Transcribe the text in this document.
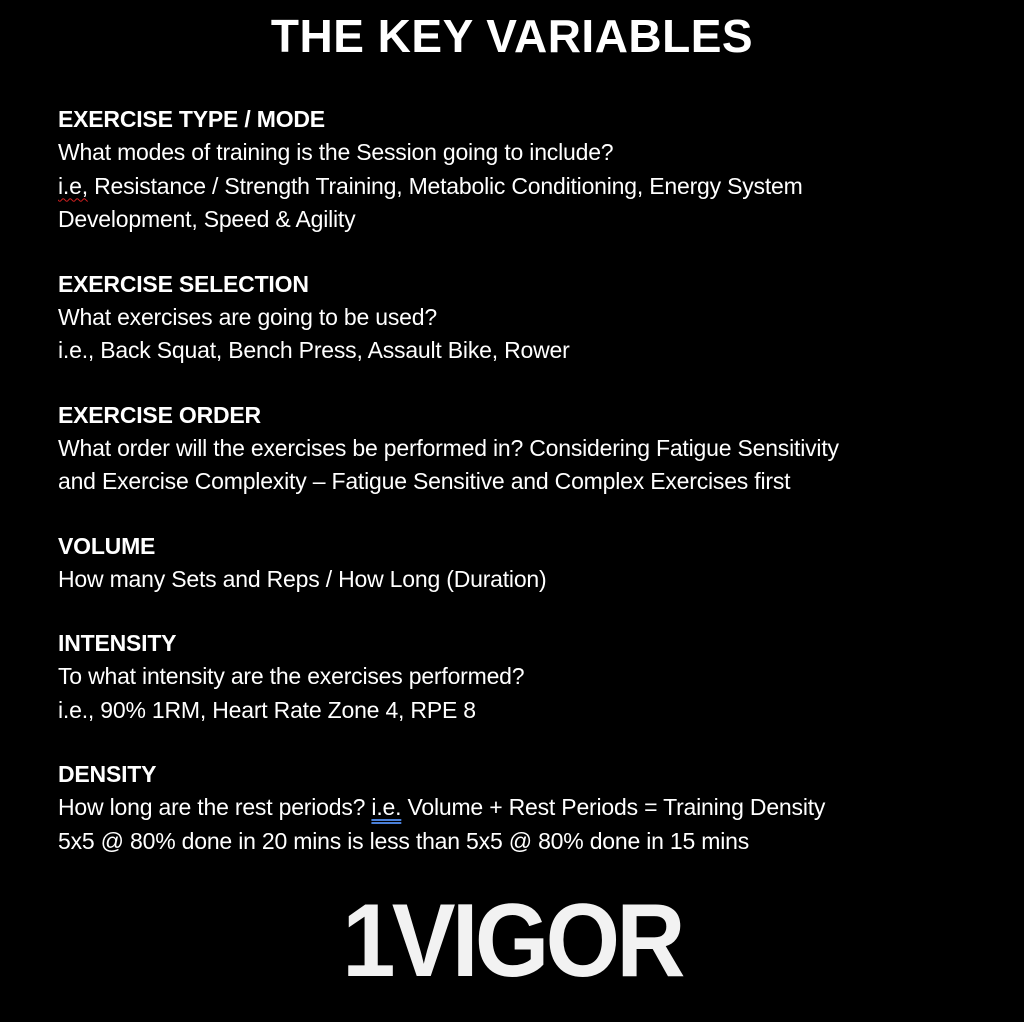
THE KEY VARIABLES
EXERCISE TYPE / MODE
What modes of training is the Session going to include?
i.e, Resistance / Strength Training, Metabolic Conditioning, Energy System
Development, Speed & Agility
EXERCISE SELECTION
What exercises are going to be used?
i.e., Back Squat, Bench Press, Assault Bike, Rower
EXERCISE ORDER
What order will the exercises be performed in? Considering Fatigue Sensitivity
and Exercise Complexity – Fatigue Sensitive and Complex Exercises first
VOLUME
How many Sets and Reps / How Long (Duration)
INTENSITY
To what intensity are the exercises performed?
i.e., 90% 1RM, Heart Rate Zone 4, RPE 8
DENSITY
How long are the rest periods? i.e. Volume + Rest Periods = Training Density
5x5 @ 80% done in 20 mins is less than 5x5 @ 80% done in 15 mins
1VIGOR
